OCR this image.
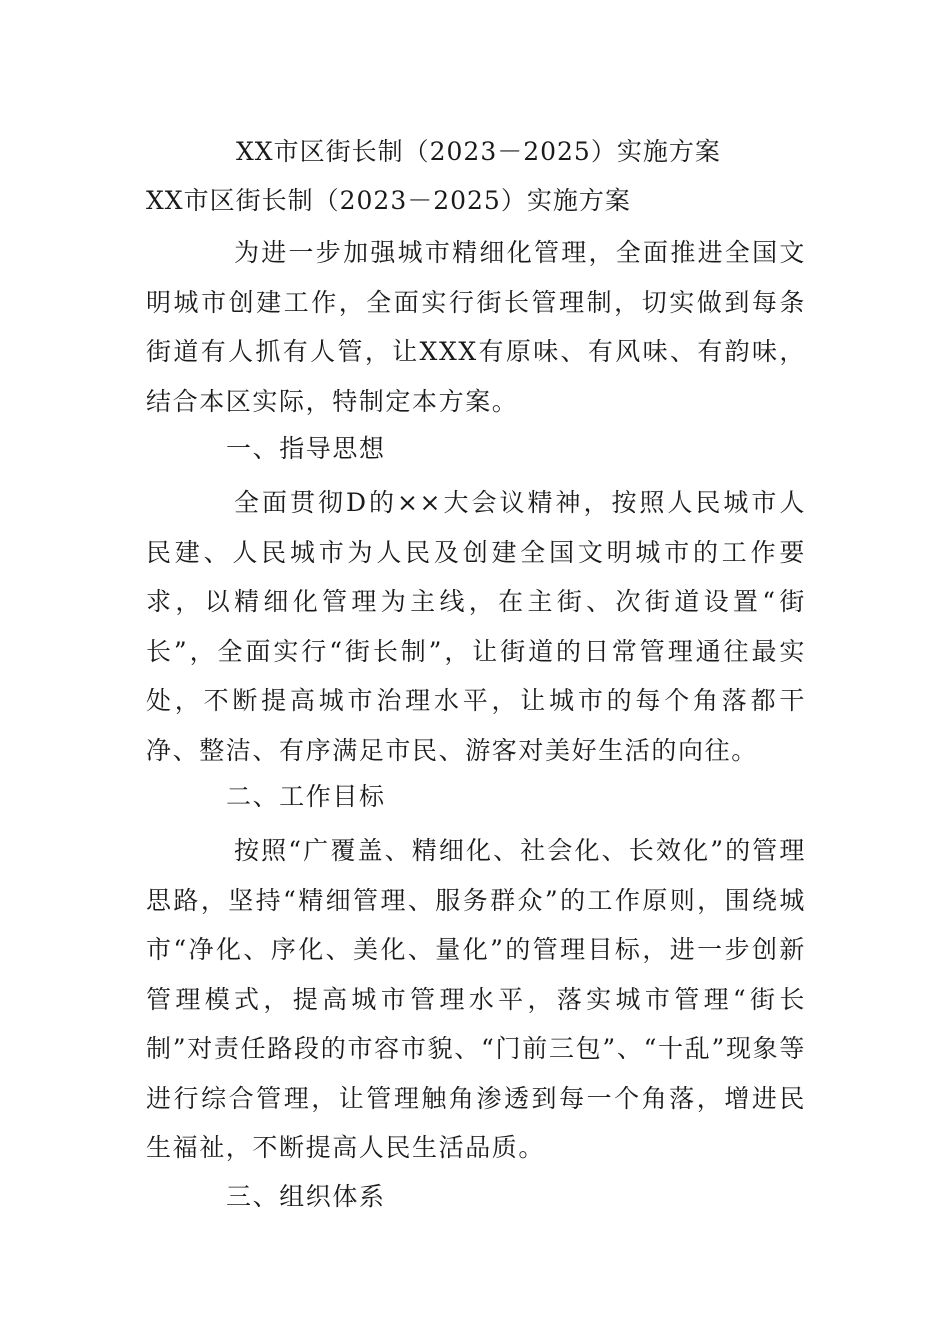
XX市区街长制（2023－2025）实施方案
XX市区街长制（2023－2025）实施方案

为进一步加强城市精细化管理，全面推进全国文明城市创建工作，全面实行街长管理制，切实做到每条街道有人抓有人管，让XXX有原味、有风味、有韵味，结合本区实际，特制定本方案。

一、指导思想

全面贯彻D的××大会议精神，按照人民城市人民建、人民城市为人民及创建全国文明城市的工作要求，以精细化管理为主线，在主街、次街道设置“街长”，全面实行“街长制”，让街道的日常管理通往最实处，不断提高城市治理水平，让城市的每个角落都干净、整洁、有序满足市民、游客对美好生活的向往。

二、工作目标

按照“广覆盖、精细化、社会化、长效化”的管理思路，坚持“精细管理、服务群众”的工作原则，围绕城市“净化、序化、美化、量化”的管理目标，进一步创新管理模式，提高城市管理水平，落实城市管理“街长制”对责任路段的市容市貌、“门前三包”、“十乱”现象等进行综合管理，让管理触角渗透到每一个角落，增进民生福祉，不断提高人民生活品质。

三、组织体系
